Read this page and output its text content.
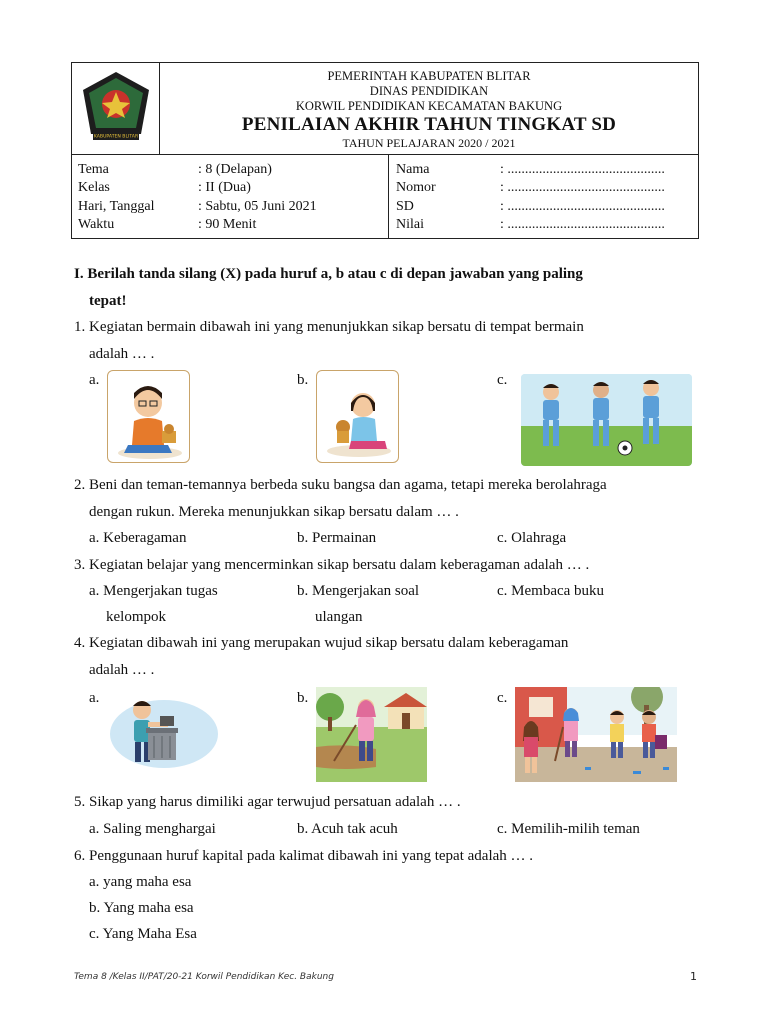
KABUPATEN BLITAR
PEMERINTAH KABUPATEN BLITAR
DINAS PENDIDIKAN
KORWIL PENDIDIKAN KECAMATAN BAKUNG
PENILAIAN AKHIR TAHUN TINGKAT SD
TAHUN PELAJARAN 2020 / 2021
Tema	: 8 (Delapan)
Kelas	: II (Dua)
Hari, Tanggal	: Sabtu, 05 Juni 2021
Waktu	: 90 Menit
Nama	: .............................................
Nomor	: .............................................
SD	: .............................................
Nilai	: .............................................
I. Berilah tanda silang (X) pada huruf a, b atau c di depan jawaban yang paling
tepat!
1. Kegiatan bermain dibawah ini yang menunjukkan sikap bersatu di tempat bermain
adalah … .
a.	b.	c.
2. Beni dan teman-temannya berbeda suku bangsa dan agama, tetapi mereka berolahraga
dengan rukun. Mereka menunjukkan sikap bersatu dalam … .
a. Keberagaman	b. Permainan	c. Olahraga
3. Kegiatan belajar yang mencerminkan sikap bersatu dalam keberagaman adalah … .
a. Mengerjakan tugas
kelompok
b. Mengerjakan soal
ulangan
c. Membaca buku
4. Kegiatan dibawah ini yang merupakan wujud sikap bersatu dalam keberagaman
adalah … .
a.	b.	c.
5. Sikap yang harus dimiliki agar terwujud persatuan adalah … .
a. Saling menghargai	b. Acuh tak acuh	c. Memilih-milih teman
6. Penggunaan huruf kapital pada kalimat dibawah ini yang tepat adalah … .
a. yang maha esa
b. Yang maha esa
c. Yang Maha Esa
Tema 8 /Kelas II/PAT/20-21 Korwil Pendidikan Kec. Bakung	1
